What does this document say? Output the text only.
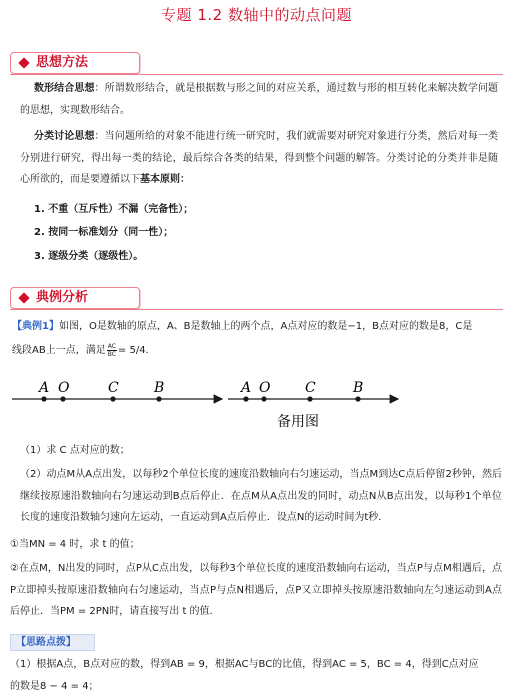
专题 1.2 数轴中的动点问题
思想方法

数形结合思想：所谓数形结合，就是根据数与形之间的对应关系，通过数与形的相互转化来解决数学问题的思想，实现数形结合。

分类讨论思想：当问题所给的对象不能进行统一研究时，我们就需要对研究对象进行分类，然后对每一类分别进行研究，得出每一类的结论，最后综合各类的结果，得到整个问题的解答。分类讨论的分类并非是随心所欲的，而是要遵循以下基本原则：

1. 不重（互斥性）不漏（完备性）；

2. 按同一标准划分（同一性）；

3. 逐级分类（逐级性）。

典例分析

【典例1】如图，O是数轴的原点，A、B是数轴上的两个点，A点对应的数是−1，B点对应的数是8，C是

线段AB上一点，满足 $\frac{AC}{BC} = 5/4$.

A O	C	B	A O C	B
备用图

（1）求 C 点对应的数；

（2）动点M从A点出发，以每秒2个单位长度的速度沿数轴向右匀速运动，当点M到达C点后停留2秒钟，然后继续按原速沿数轴向右匀速运动到B点后停止．在点M从A点出发的同时，动点N从B点出发，以每秒1个单位长度的速度沿数轴匀速向左运动，一直运动到A点后停止．设点N的运动时间为t秒．

①当MN = 4 时，求 t 的值；

②在点M，N出发的同时，点P从C点出发，以每秒3个单位长度的速度沿数轴向右运动，当点P与点M相遇后，点P立即掉头按原速沿数轴向右匀速运动，当点P与点N相遇后，点P又立即掉头按原速沿数轴向左匀速运动到A点后停止．当PM = 2PN时，请直接写出 t 的值．

【思路点拨】

（1）根据A点，B点对应的数，得到AB = 9，根据AC与BC的比值，得到AC = 5，BC = 4，得到C点对应

的数是8 − 4 = 4；
